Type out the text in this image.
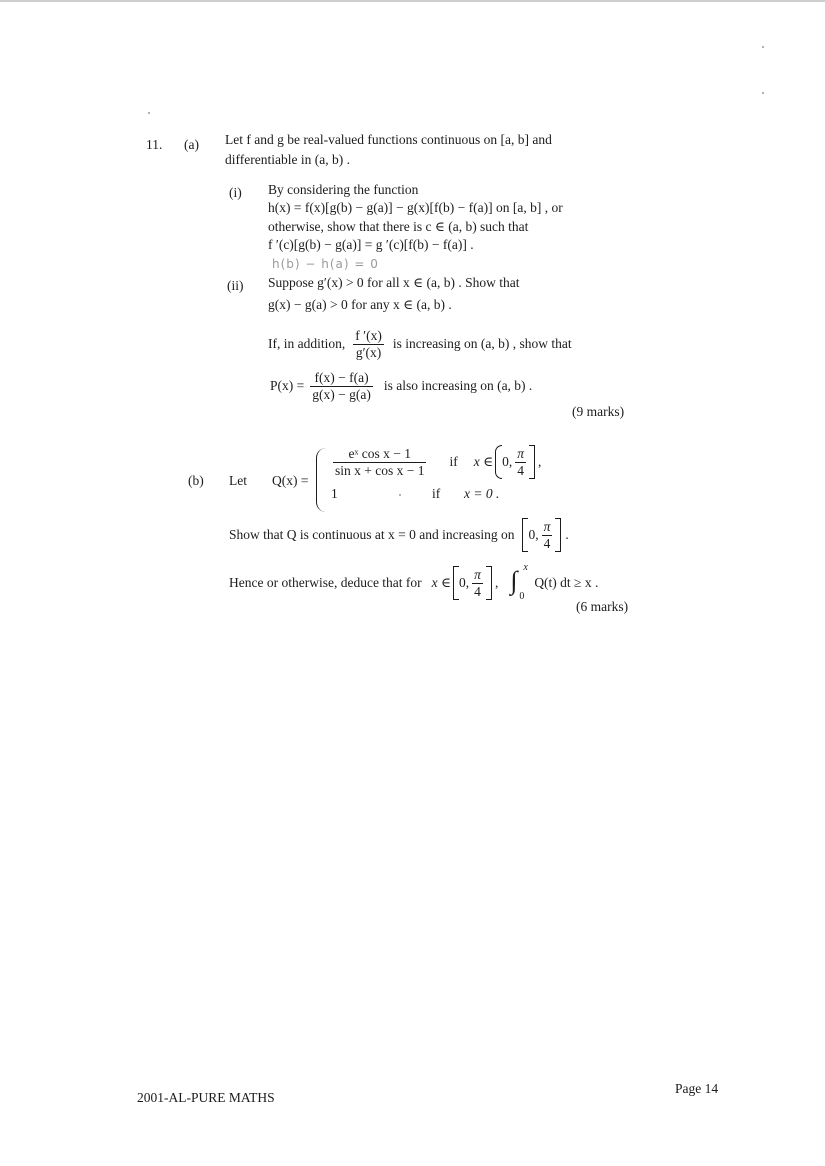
11. (a) Let f and g be real-valued functions continuous on [a, b] and
differentiable in (a, b) .
(i) By considering the function
h(x) = f(x)[g(b) − g(a)] − g(x)[f(b) − f(a)] on [a, b] , or
otherwise, show that there is c ∈ (a, b) such that
f ′(c)[g(b) − g(a)] = g ′(c)[f(b) − f(a)] .
h(b) − h(a) = 0
(ii) Suppose g′(x) > 0 for all x ∈ (a, b) . Show that
g(x) − g(a) > 0 for any x ∈ (a, b) .
If, in addition, $\frac{f '(x)}{g'(x)}$ is increasing on (a, b) , show that
$P(x) = \frac{f(x) - f(a)}{g(x) - g(a)}$ is also increasing on (a, b) .
(9 marks)
(b) Let Q(x) =
$\frac{\text{eˣ cos x − 1}}{\text{sin x + cos x − 1}}$ if x ∈ 0, $\frac{\pi}{4}$ ,
1	if x = 0 .
Show that Q is continuous at x = 0 and increasing on 0, $\frac{\pi}{4}$ .
Hence or otherwise, deduce that for x ∈ 0, $\frac{\pi}{4}$ , ∫ x
0
Q(t) dt ≥ x .
(6 marks)
2001-AL-PURE MATHS
Page 14
